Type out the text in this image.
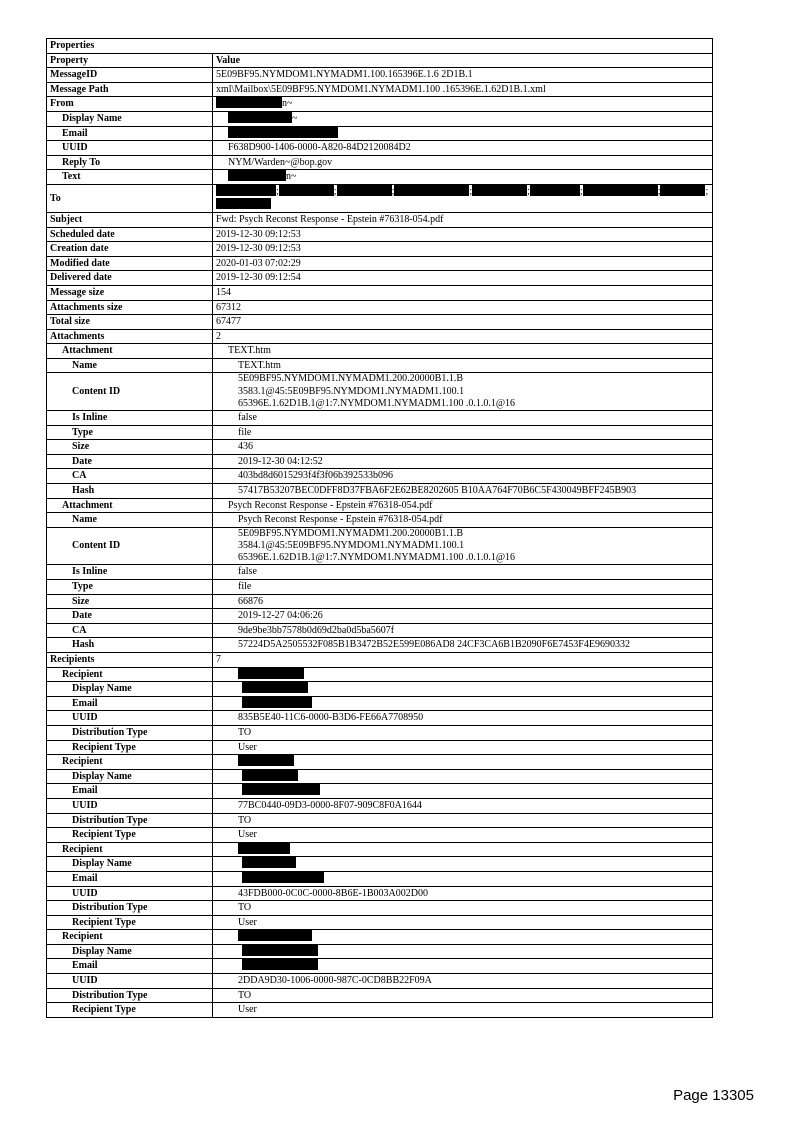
Properties	
Property	Value
MessageID	5E09BF95.NYMDOM1.NYMADM1.100.165396E.1.6 2D1B.1
Message Path	xml\Mailbox\5E09BF95.NYMDOM1.NYMADM1.100 .165396E.1.62D1B.1.xml
From	n~
Display Name	~
Email	
UUID	F638D900-1406-0000-A820-84D2120084D2
Reply To	NYM/Warden~@bop.gov
Text	n~
To	; ; ; ; ; ; ; ;
Subject	Fwd: Psych Reconst Response - Epstein #76318-054.pdf
Scheduled date	2019-12-30 09:12:53
Creation date	2019-12-30 09:12:53
Modified date	2020-01-03 07:02:29
Delivered date	2019-12-30 09:12:54
Message size	154
Attachments size	67312
Total size	67477
Attachments	2
Attachment	TEXT.htm
Name	TEXT.htm
Content ID	5E09BF95.NYMDOM1.NYMADM1.200.20000B1.1.B
3583.1@45:5E09BF95.NYMDOM1.NYMADM1.100.1
65396E.1.62D1B.1@1:7.NYMDOM1.NYMADM1.100 .0.1.0.1@16

Is Inline	false
Type	file
Size	436
Date	2019-12-30 04:12:52
CA	403bd8d6015293f4f3f06b392533b096
Hash	57417B53207BEC0DFF8D37FBA6F2E62BE8202605 B10AA764F70B6C5F430049BFF245B903
Attachment	Psych Reconst Response - Epstein #76318-054.pdf
Name	Psych Reconst Response - Epstein #76318-054.pdf
Content ID	5E09BF95.NYMDOM1.NYMADM1.200.20000B1.1.B
3584.1@45:5E09BF95.NYMDOM1.NYMADM1.100.1
65396E.1.62D1B.1@1:7.NYMDOM1.NYMADM1.100 .0.1.0.1@16

Is Inline	false
Type	file
Size	66876
Date	2019-12-27 04:06:26
CA	9de9be3bb7578b0d69d2ba0d5ba5607f
Hash	57224D5A2505532F085B1B3472B52E599E086AD8 24CF3CA6B1B2090F6E7453F4E9690332
Recipients	7
Recipient	
Display Name	
Email	
UUID	835B5E40-11C6-0000-B3D6-FE66A7708950
Distribution Type	TO
Recipient Type	User
Recipient	
Display Name	
Email	
UUID	77BC0440-09D3-0000-8F07-909C8F0A1644
Distribution Type	TO
Recipient Type	User
Recipient	
Display Name	
Email	
UUID	43FDB000-0C0C-0000-8B6E-1B003A002D00
Distribution Type	TO
Recipient Type	User
Recipient	
Display Name	
Email	
UUID	2DDA9D30-1006-0000-987C-0CD8BB22F09A
Distribution Type	TO
Recipient Type	User
Page 13305
